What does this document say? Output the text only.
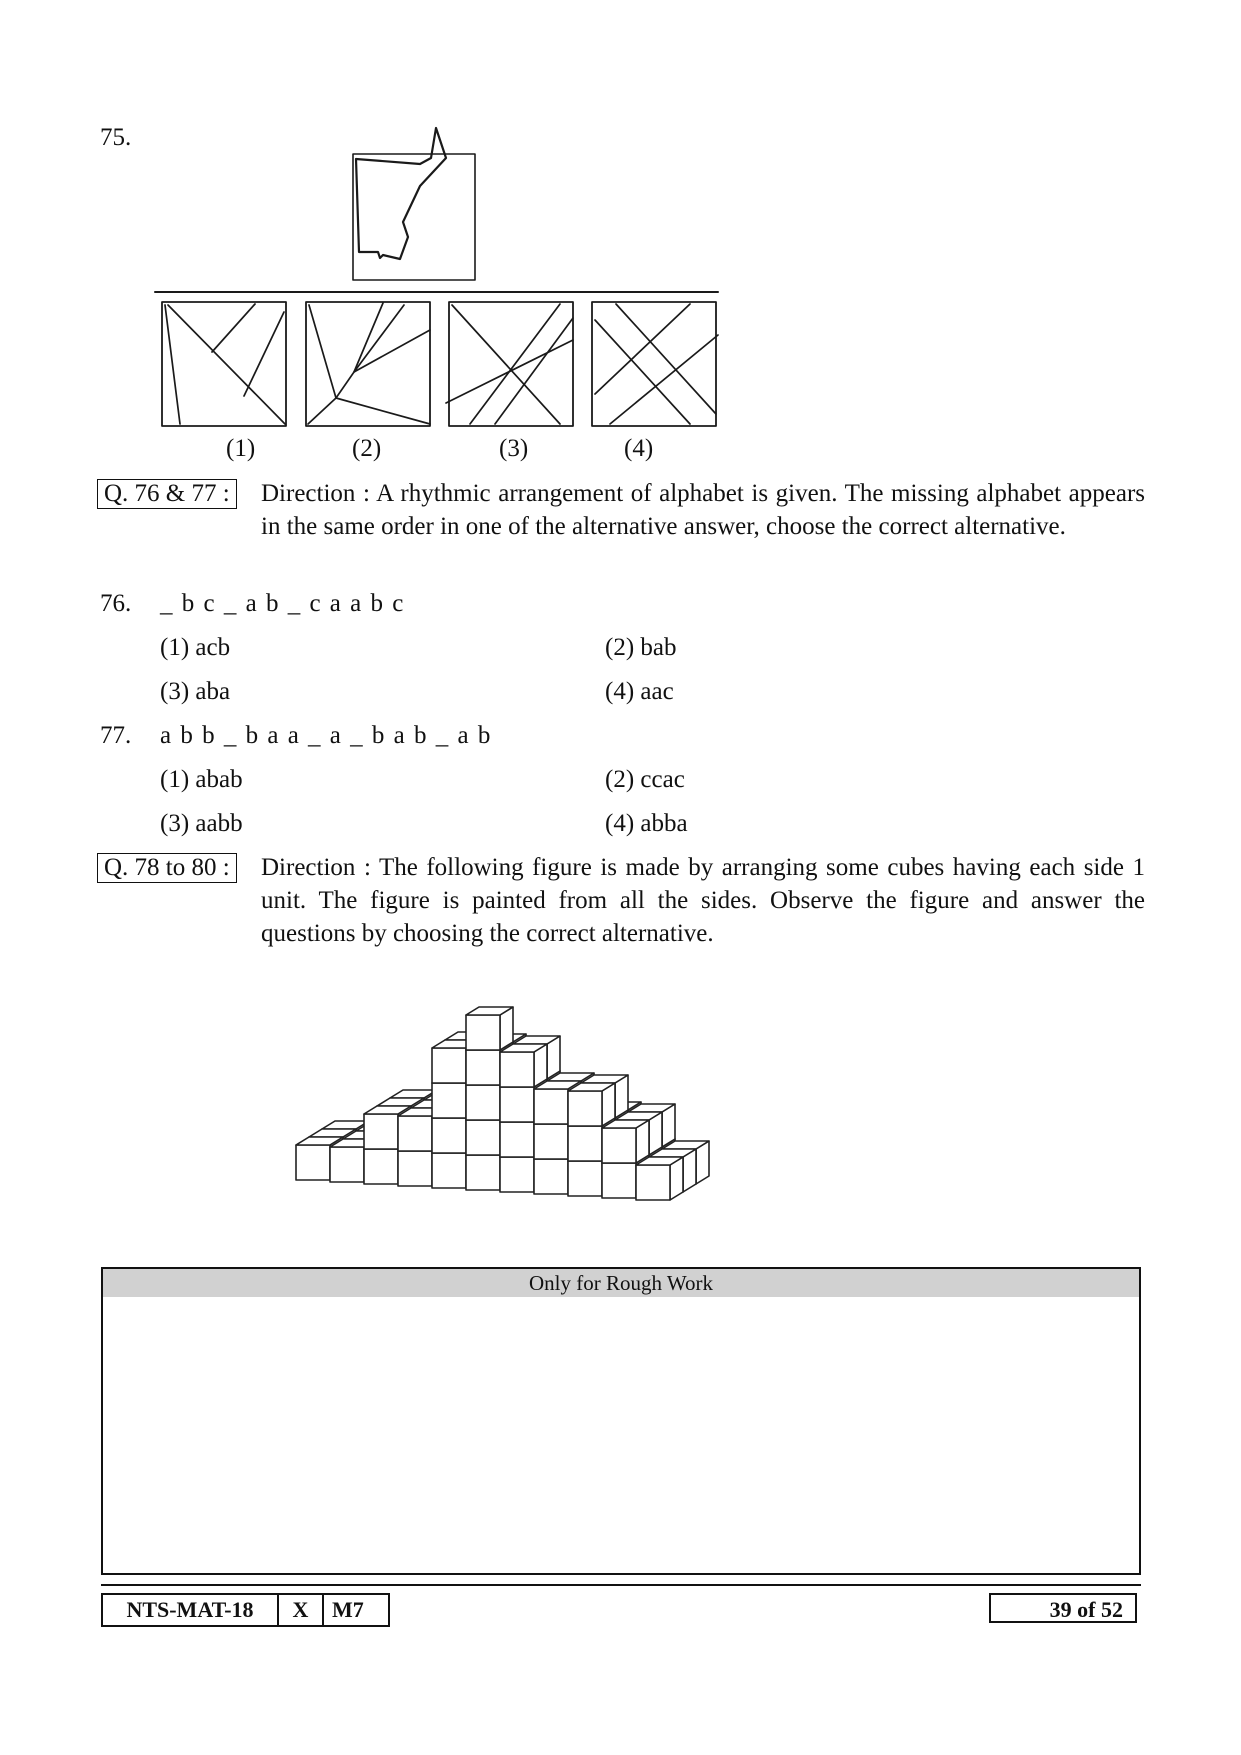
75.
(1)	(2)	(3)	(4)
Q. 76 & 77 : Direction : A rhythmic arrangement of alphabet is given. The missing alphabet appears in the same order in one of the alternative answer, choose the correct alternative.
76. _ b c _ a b _ c a a b c
(1) acb	(2) bab
(3) aba	(4) aac
77. a b b _ b a a _ a _ b a b _ a b
(1) abab	(2) ccac
(3) aabb	(4) abba
Q. 78 to 80 : Direction : The following figure is made by arranging some cubes having each side 1 unit. The figure is painted from all the sides. Observe the figure and answer the questions by choosing the correct alternative.
Only for Rough Work
NTS-MAT-18 X M7	39 of 52
